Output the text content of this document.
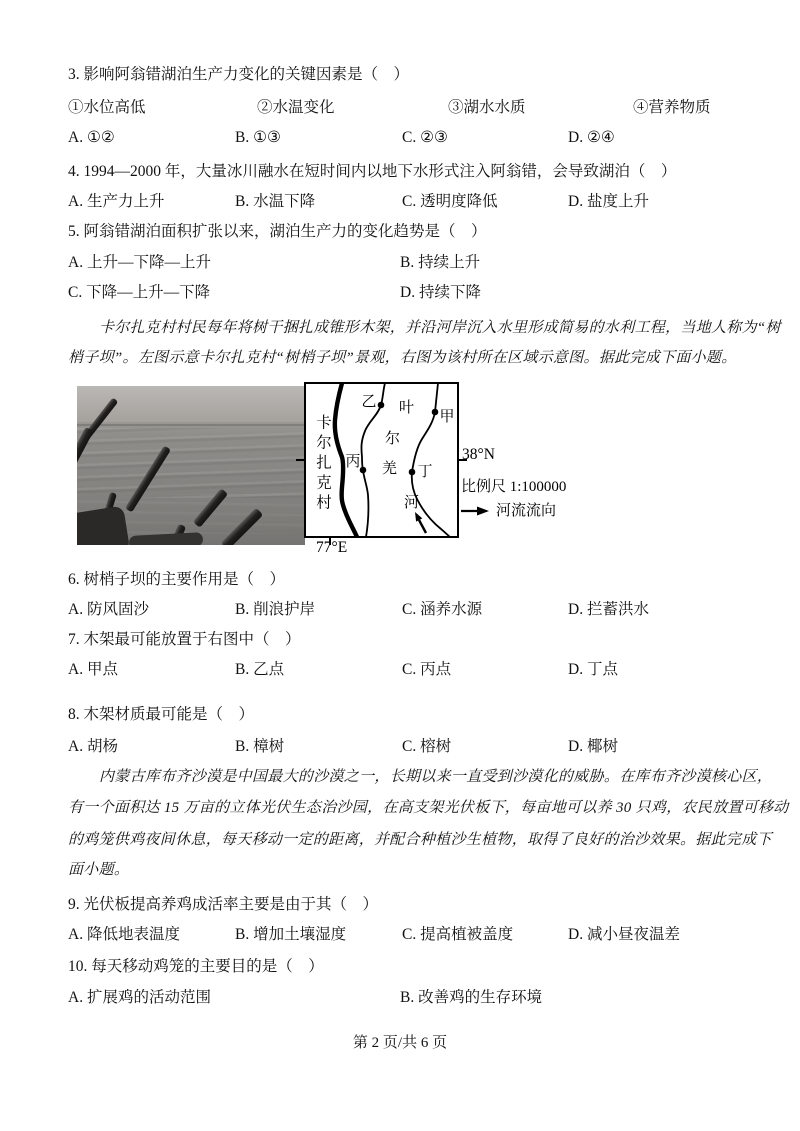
3. 影响阿翁错湖泊生产力变化的关键因素是（　）
①水位高低	②水温变化	③湖水水质	④营养物质
A. ①②	B. ①③	C. ②③	D. ②④
4. 1994—2000 年，大量冰川融水在短时间内以地下水形式注入阿翁错，会导致湖泊（　）
A. 生产力上升	B. 水温下降	C. 透明度降低	D. 盐度上升
5. 阿翁错湖泊面积扩张以来，湖泊生产力的变化趋势是（　）
A. 上升—下降—上升	B. 持续上升
C. 下降—上升—下降	D. 持续下降
卡尔扎克村村民每年将树干捆扎成锥形木架，并沿河岸沉入水里形成简易的水利工程，当地人称为“树
梢子坝”。左图示意卡尔扎克村“树梢子坝”景观，右图为该村所在区域示意图。据此完成下面小题。
6. 树梢子坝的主要作用是（　）
A. 防风固沙	B. 削浪护岸	C. 涵养水源	D. 拦蓄洪水
7. 木架最可能放置于右图中（　）
A. 甲点	B. 乙点	C. 丙点	D. 丁点
8. 木架材质最可能是（　）
A. 胡杨	B. 樟树	C. 榕树	D. 椰树
内蒙古库布齐沙漠是中国最大的沙漠之一，长期以来一直受到沙漠化的威胁。在库布齐沙漠核心区，
有一个面积达 15 万亩的立体光伏生态治沙园，在高支架光伏板下，每亩地可以养 30 只鸡，农民放置可移动
的鸡笼供鸡夜间休息，每天移动一定的距离，并配合种植沙生植物，取得了良好的治沙效果。据此完成下
面小题。
9. 光伏板提高养鸡成活率主要是由于其（　）
A. 降低地表温度	B. 增加土壤湿度	C. 提高植被盖度	D. 减小昼夜温差
10. 每天移动鸡笼的主要目的是（　）
A. 扩展鸡的活动范围	B. 改善鸡的生存环境
乙
甲
丙
丁
卡尔扎克村
叶
尔
羌
河
77°E
38°N
比例尺 1:100000
河流流向
第 2 页/共 6 页
